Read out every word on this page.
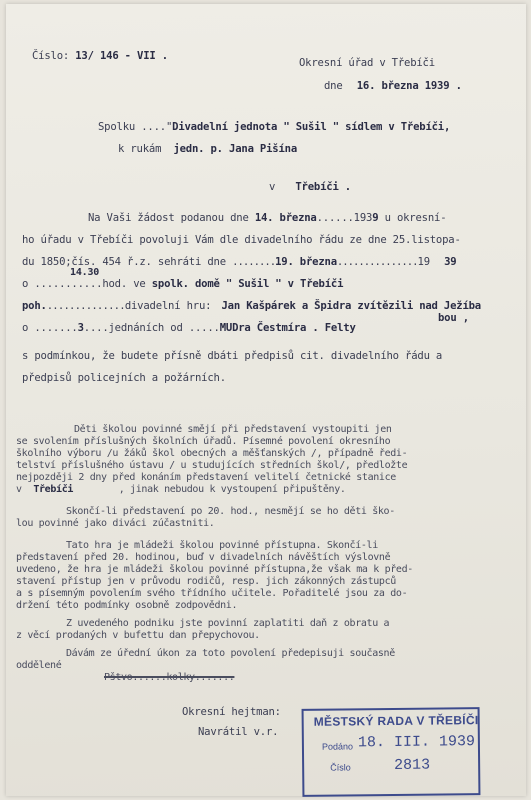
Číslo: 13/ 146 - VII .
Okresní úřad v Třebíči
dne 16. března 1939 .
Spolku ...."Divadelní jednota " Sušil " sídlem v Třebíči,
k rukám jedn. p. Jana Pišína
v Třebíči .
Na Vaši žádost podanou dne 14. března......1939 u okresní-
ho úřadu v Třebíči povoluji Vám dle divadelního řádu ze dne 25.listopa-
du 1850;čís. 454 ř.z. sehráti dne ........19. března...............19 39
14.30
o ...........hod. ve spolk. domě " Sušil " v Třebíči
poh...............divadelní hru: Jan Kašpárek a Špidra zvítězili nad Ježíba
bou ,
o .......3....jednáních od .....MUDra Čestmíra . Felty
s podmínkou, že budete přísně dbáti předpisů cit. divadelního řádu a
předpisů policejních a požárních.
Děti školou povinné smějí při představení vystoupiti jen
se svolením příslušných školních úřadů. Písemné povolení okresního
školního výboru /u žáků škol obecných a měšťanských /, případně ředi-
telství příslušného ústavu / u studujících středních škol/, předložte
nejpozději 2 dny před konáním představení velitelí četnické stanice
v Třebíči	, jinak nebudou k vystoupení připuštěny.
Skončí-li představení po 20. hod., nesmějí se ho děti ško-
lou povinné jako diváci zúčastniti.
Tato hra je mládeži školou povinné přístupna. Skončí-li
představení před 20. hodinou, buď v divadelních návěštích výslovně
uvedeno, že hra je mládeži školou povinné přístupna,že však ma k před-
stavení přístup jen v průvodu rodičů, resp. jich zákonných zástupců
a s písemným povolením svého třídního učitele. Pořaditelé jsou za do-
držení této podmínky osobně zodpovědni.
Z uvedeného podniku jste povinní zaplatiti daň z obratu a
z věcí prodaných v bufettu dan přepychovou.
Dávám ze úřední úkon za toto povolení předepisuji současně
oddělené
Pštvo......kolky.......
Okresní hejtman:
Navrátil v.r.
MĚSTSKÝ RADA V TŘEBÍČI
Podáno 18. III. 1939
Číslo	2813
